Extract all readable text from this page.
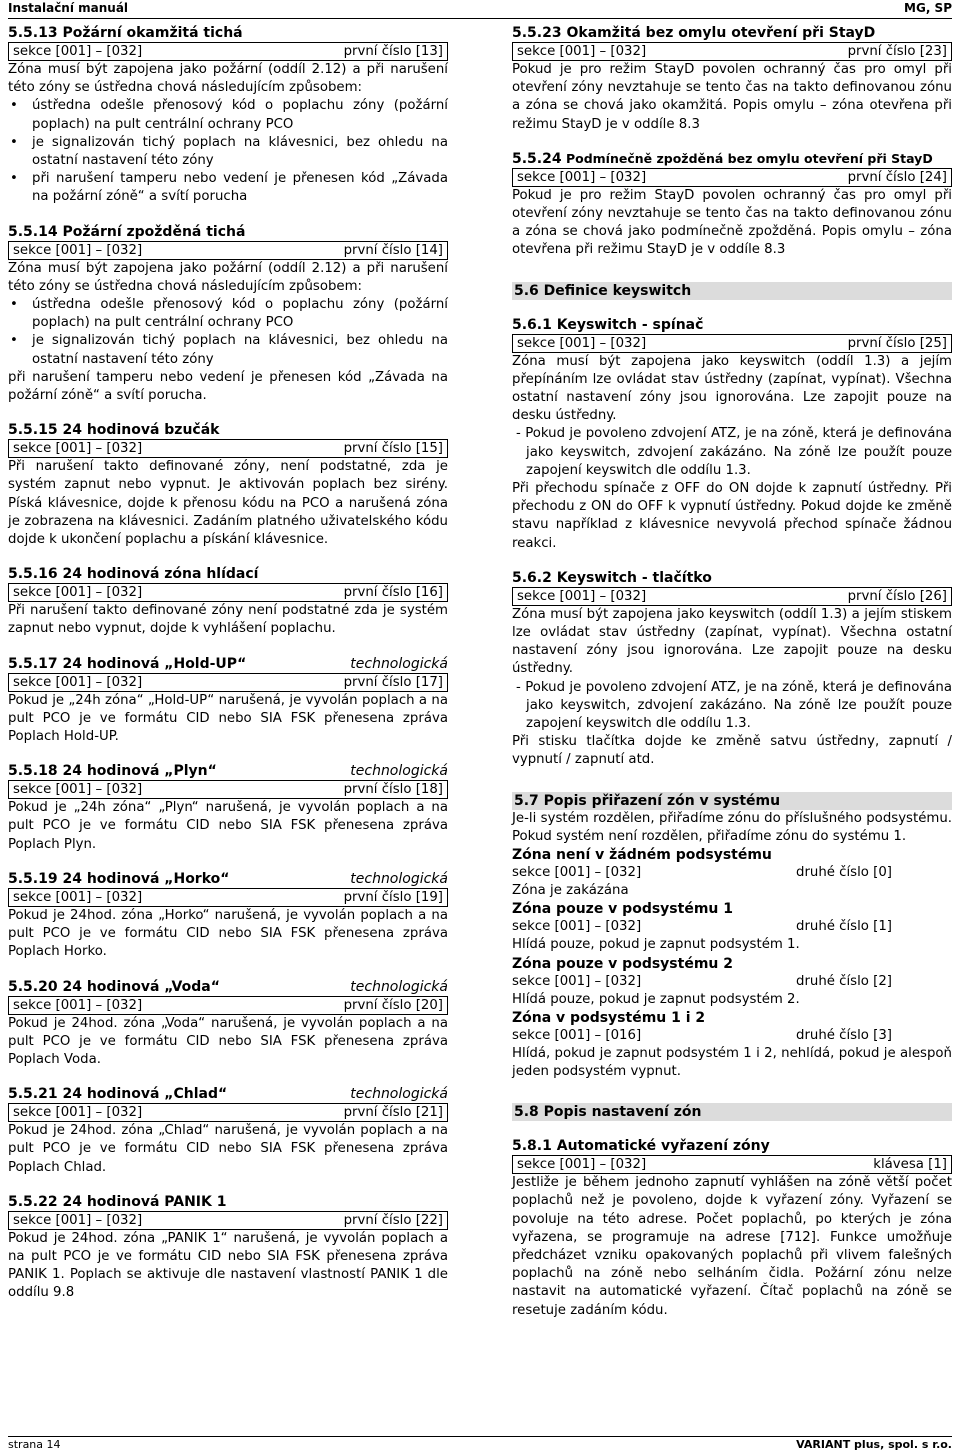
Instalační manuál	MG, SP
5.5.13 Požární okamžitá tichá
sekce [001] – [032]	první číslo [13]

Zóna musí být zapojena jako požární (oddíl 2.12) a při narušení této zóny se ústředna chová následujícím způsobem:

• ústředna odešle přenosový kód o poplachu zóny (požární poplach) na pult centrální ochrany PCO
• je signalizován tichý poplach na klávesnici, bez ohledu na ostatní nastavení této zóny
• při narušení tamperu nebo vedení je přenesen kód „Závada na požární zóně“ a svítí porucha
5.5.14 Požární zpožděná tichá
sekce [001] – [032]	první číslo [14]

Zóna musí být zapojena jako požární (oddíl 2.12) a při narušení této zóny se ústředna chová následujícím způsobem:

• ústředna odešle přenosový kód o poplachu zóny (požární poplach) na pult centrální ochrany PCO
• je signalizován tichý poplach na klávesnici, bez ohledu na ostatní nastavení této zóny

při narušení tamperu nebo vedení je přenesen kód „Závada na požární zóně“ a svítí porucha.

5.5.15 24 hodinová bzučák
sekce [001] – [032]	první číslo [15]

Při narušení takto definované zóny, není podstatné, zda je systém zapnut nebo vypnut. Je aktivován poplach bez sirény. Píská klávesnice, dojde k přenosu kódu na PCO a narušená zóna je zobrazena na klávesnici. Zadáním platného uživatelského kódu dojde k ukončení poplachu a pískání klávesnice.

5.5.16 24 hodinová zóna hlídací
sekce [001] – [032]	první číslo [16]

Při narušení takto definované zóny není podstatné zda je systém zapnut nebo vypnut, dojde k vyhlášení poplachu.

5.5.17 24 hodinová „Hold-UP“	technologická
sekce [001] – [032]	první číslo [17]

Pokud je „24h zóna“ „Hold-UP“ narušená, je vyvolán poplach a na pult PCO je ve formátu CID nebo SIA FSK přenesena zpráva Poplach Hold-UP.

5.5.18 24 hodinová „Plyn“	technologická
sekce [001] – [032]	první číslo [18]

Pokud je „24h zóna“ „Plyn“ narušená, je vyvolán poplach a na pult PCO je ve formátu CID nebo SIA FSK přenesena zpráva Poplach Plyn.

5.5.19 24 hodinová „Horko“	technologická
sekce [001] – [032]	první číslo [19]

Pokud je 24hod. zóna „Horko“ narušená, je vyvolán poplach a na pult PCO je ve formátu CID nebo SIA FSK přenesena zpráva Poplach Horko.

5.5.20 24 hodinová „Voda“	technologická
sekce [001] – [032]	první číslo [20]

Pokud je 24hod. zóna „Voda“ narušená, je vyvolán poplach a na pult PCO je ve formátu CID nebo SIA FSK přenesena zpráva Poplach Voda.

5.5.21 24 hodinová „Chlad“	technologická
sekce [001] – [032]	první číslo [21]

Pokud je 24hod. zóna „Chlad“ narušená, je vyvolán poplach a na pult PCO je ve formátu CID nebo SIA FSK přenesena zpráva Poplach Chlad.

5.5.22 24 hodinová PANIK 1
sekce [001] – [032]	první číslo [22]

Pokud je 24hod. zóna „PANIK 1“ narušená, je vyvolán poplach a na pult PCO je ve formátu CID nebo SIA FSK přenesena zpráva PANIK 1. Poplach se aktivuje dle nastavení vlastností PANIK 1 dle oddílu 9.8

5.5.23 Okamžitá bez omylu otevření při StayD
sekce [001] – [032]	první číslo [23]

Pokud je pro režim StayD povolen ochranný čas pro omyl při otevření zóny nevztahuje se tento čas na takto definovanou zónu a zóna se chová jako okamžitá. Popis omylu – zóna otevřena při režimu StayD je v oddíle 8.3

5.5.24 Podmínečně zpožděná bez omylu otevření při StayD
sekce [001] – [032]	první číslo [24]

Pokud je pro režim StayD povolen ochranný čas pro omyl při otevření zóny nevztahuje se tento čas na takto definovanou zónu a zóna se chová jako podmínečně zpožděná. Popis omylu – zóna otevřena při režimu StayD je v oddíle 8.3

5.6 Definice keyswitch
5.6.1 Keyswitch - spínač
sekce [001] – [032]	první číslo [25]

Zóna musí být zapojena jako keyswitch (oddíl 1.3) a jejím přepínáním lze ovládat stav ústředny (zapínat, vypínat). Všechna ostatní nastavení zóny jsou ignorována. Lze zapojit pouze na desku ústředny.

- Pokud je povoleno zdvojení ATZ, je na zóně, která je definována jako keyswitch, zdvojení zakázáno. Na zóně lze použít pouze zapojení keyswitch dle oddílu 1.3.

Při přechodu spínače z OFF do ON dojde k zapnutí ústředny. Při přechodu z ON do OFF k vypnutí ústředny. Pokud dojde ke změně stavu například z klávesnice nevyvolá přechod spínače žádnou reakci.

5.6.2 Keyswitch - tlačítko
sekce [001] – [032]	první číslo [26]

Zóna musí být zapojena jako keyswitch (oddíl 1.3) a jejím stiskem lze ovládat stav ústředny (zapínat, vypínat). Všechna ostatní nastavení zóny jsou ignorována. Lze zapojit pouze na desku ústředny.

- Pokud je povoleno zdvojení ATZ, je na zóně, která je definována jako keyswitch, zdvojení zakázáno. Na zóně lze použít pouze zapojení keyswitch dle oddílu 1.3.

Při stisku tlačítka dojde ke změně satvu ústředny, zapnutí / vypnutí / zapnutí atd.

5.7 Popis přiřazení zón v systému

Je-li systém rozdělen, přiřadíme zónu do příslušného podsystému. Pokud systém není rozdělen, přiřadíme zónu do systému 1.

Zóna není v žádném podsystému
sekce [001] – [032]	druhé číslo [0]

Zóna je zakázána

Zóna pouze v podsystému 1
sekce [001] – [032]	druhé číslo [1]

Hlídá pouze, pokud je zapnut podsystém 1.

Zóna pouze v podsystému 2
sekce [001] – [032]	druhé číslo [2]

Hlídá pouze, pokud je zapnut podsystém 2.

Zóna v podsystému 1 i 2
sekce [001] – [016]	druhé číslo [3]

Hlídá, pokud je zapnut podsystém 1 i 2, nehlídá, pokud je alespoň jeden podsystém vypnut.

5.8 Popis nastavení zón
5.8.1 Automatické vyřazení zóny
sekce [001] – [032]	klávesa [1]

Jestliže je během jednoho zapnutí vyhlášen na zóně větší počet poplachů než je povoleno, dojde k vyřazení zóny. Vyřazení se povoluje na této adrese. Počet poplachů, po kterých je zóna vyřazena, se programuje na adrese [712]. Funkce umožňuje předcházet vzniku opakovaných poplachů při vlivem falešných poplachů na zóně nebo selháním čidla. Požární zónu nelze nastavit na automatické vyřazení. Čítač poplachů na zóně se resetuje zadáním kódu.

strana 14	VARIANT plus, spol. s r.o.
